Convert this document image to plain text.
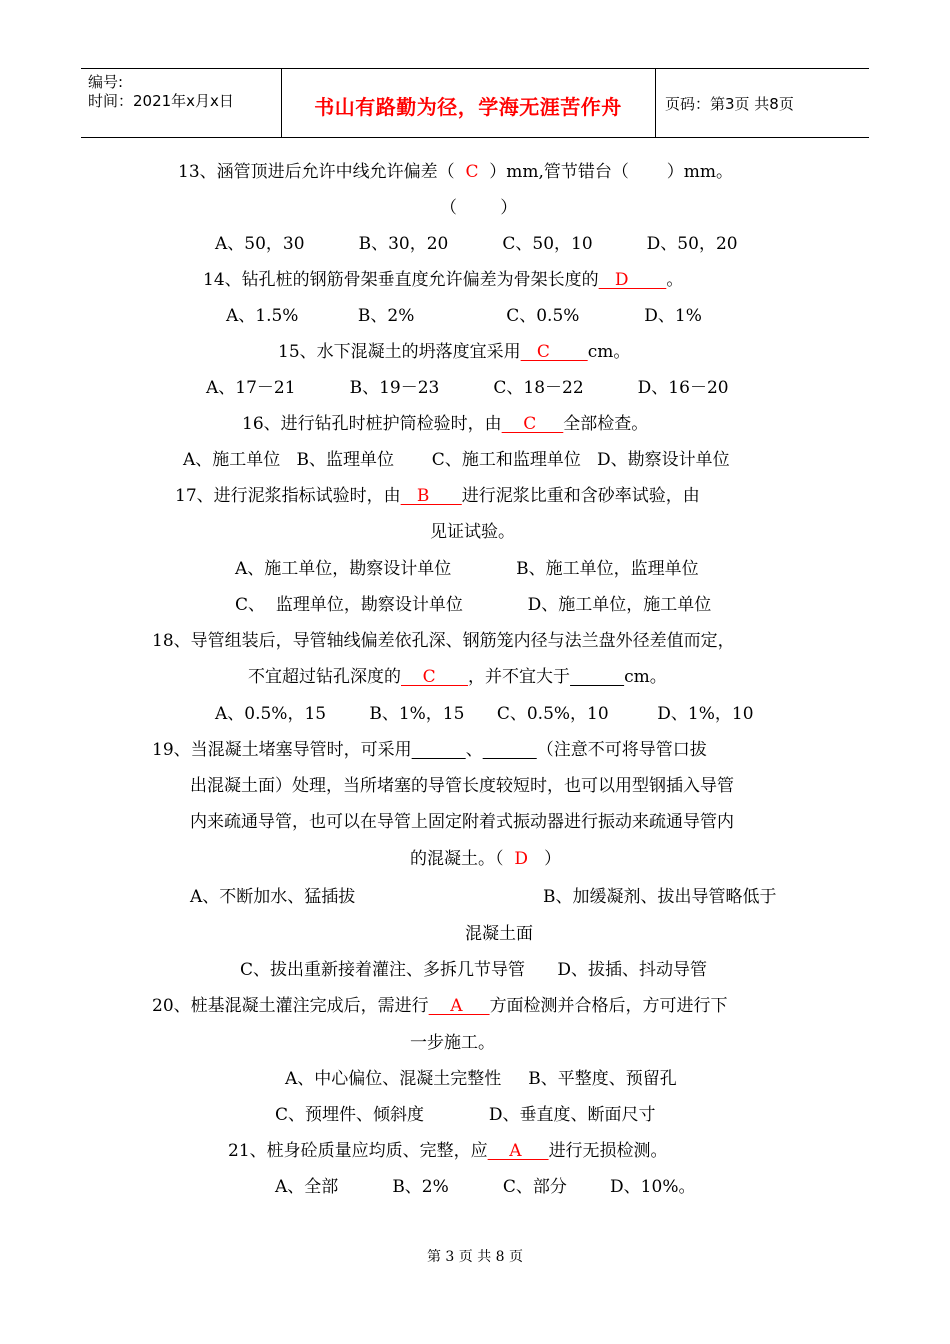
编号:
时间：2021年x月x日	书山有路勤为径，学海无涯苦作舟	页码：第3页 共8页
13、涵管顶进后允许中线允许偏差（ C ）mm,管节错台（       ）mm。
（        ）
A、50，30          B、30，20          C、50，10          D、50，20
14、钻孔桩的钢筋骨架垂直度允许偏差为骨架长度的   D       。
A、1.5%           B、2%                 C、0.5%            D、1%
15、水下混凝土的坍落度宜采用   C       cm。
A、17－21          B、19－23          C、18－22          D、16－20
16、进行钻孔时桩护筒检验时，由    C     全部检查。
A、施工单位   B、监理单位       C、施工和监理单位   D、勘察设计单位
17、进行泥浆指标试验时，由   B      进行泥浆比重和含砂率试验，由
见证试验。
A、施工单位，勘察设计单位            B、施工单位，监理单位
C、  监理单位，勘察设计单位            D、施工单位，施工单位
18、导管组装后，导管轴线偏差依孔深、钢筋笼内径与法兰盘外径差值而定，
不宜超过钻孔深度的    C      ，并不宜大于	cm。
A、0.5%，15        B、1%，15      C、0.5%，10         D、1%，10
19、当混凝土堵塞导管时，可采用	、	（注意不可将导管口拔
出混凝土面）处理，当所堵塞的导管长度较短时，也可以用型钢插入导管
内来疏通导管，也可以在导管上固定附着式振动器进行振动来疏通导管内
的混凝土。（ D ）
A、不断加水、猛插拔	B、加缓凝剂、拔出导管略低于
混凝土面
C、拔出重新接着灌注、多拆几节导管      D、拔插、抖动导管
20、桩基混凝土灌注完成后，需进行    A     方面检测并合格后，方可进行下
一步施工。
A、中心偏位、混凝土完整性     B、平整度、预留孔
C、预埋件、倾斜度            D、垂直度、断面尺寸
21、桩身砼质量应均质、完整，应    A     进行无损检测。
A、全部          B、2%          C、部分        D、10%。
第 3 页 共 8 页
